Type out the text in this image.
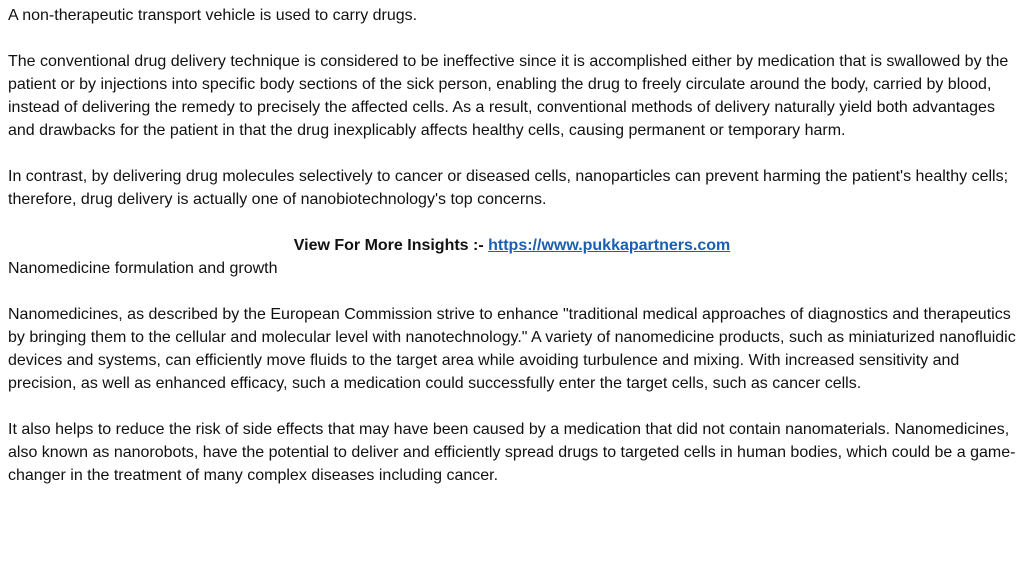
A non-therapeutic transport vehicle is used to carry drugs.

The conventional drug delivery technique is considered to be ineffective since it is accomplished either by medication that is swallowed by the patient or by injections into specific body sections of the sick person, enabling the drug to freely circulate around the body, carried by blood, instead of delivering the remedy to precisely the affected cells. As a result, conventional methods of delivery naturally yield both advantages and drawbacks for the patient in that the drug inexplicably affects healthy cells, causing permanent or temporary harm.

In contrast, by delivering drug molecules selectively to cancer or diseased cells, nanoparticles can prevent harming the patient's healthy cells; therefore, drug delivery is actually one of nanobiotechnology's top concerns.

View For More Insights :- https://www.pukkapartners.com

Nanomedicine formulation and growth

Nanomedicines, as described by the European Commission strive to enhance "traditional medical approaches of diagnostics and therapeutics by bringing them to the cellular and molecular level with nanotechnology." A variety of nanomedicine products, such as miniaturized nanofluidic devices and systems, can efficiently move fluids to the target area while avoiding turbulence and mixing. With increased sensitivity and precision, as well as enhanced efficacy, such a medication could successfully enter the target cells, such as cancer cells.

It also helps to reduce the risk of side effects that may have been caused by a medication that did not contain nanomaterials. Nanomedicines, also known as nanorobots, have the potential to deliver and efficiently spread drugs to targeted cells in human bodies, which could be a game-changer in the treatment of many complex diseases including cancer.
